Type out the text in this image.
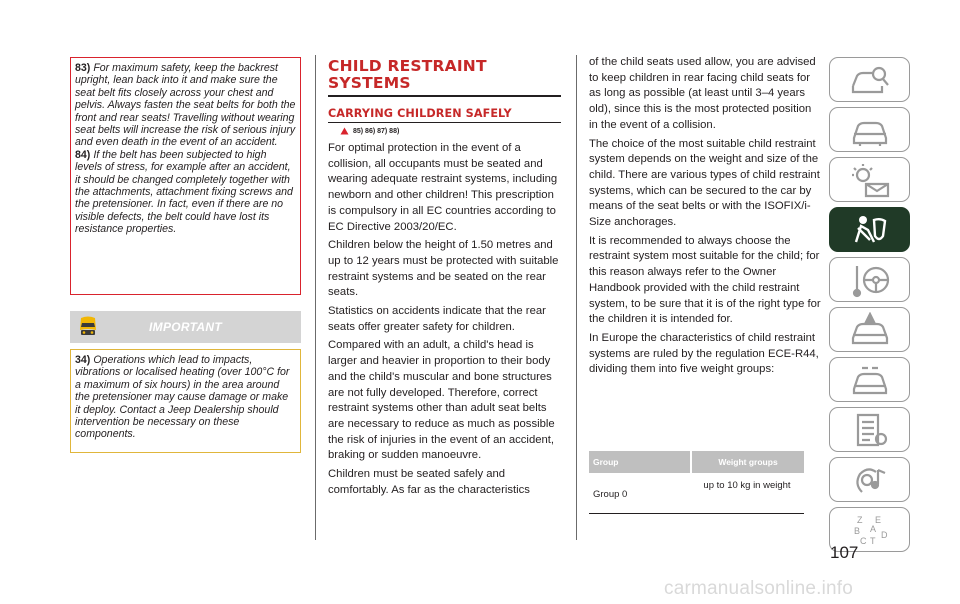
83) For maximum safety, keep the backrest upright, lean back into it and make sure the seat belt fits closely across your chest and pelvis. Always fasten the seat belts for both the front and rear seats! Travelling without wearing seat belts will increase the risk of serious injury and even death in the event of an accident.

84) If the belt has been subjected to high levels of stress, for example after an accident, it should be changed completely together with the attachments, attachment fixing screws and the pretensioner. In fact, even if there are no visible defects, the belt could have lost its resistance properties.

IMPORTANT

34) Operations which lead to impacts, vibrations or localised heating (over 100°C for a maximum of six hours) in the area around the pretensioner may cause damage or make it deploy. Contact a Jeep Dealership should intervention be necessary on these components.

CHILD RESTRAINT SYSTEMS
CARRYING CHILDREN SAFELY
85) 86) 87) 88)

For optimal protection in the event of a collision, all occupants must be seated and wearing adequate restraint systems, including newborn and other children! This prescription is compulsory in all EC countries according to EC Directive 2003/20/EC.

Children below the height of 1.50 metres and up to 12 years must be protected with suitable restraint systems and be seated on the rear seats.

Statistics on accidents indicate that the rear seats offer greater safety for children.

Compared with an adult, a child's head is larger and heavier in proportion to their body and the child's muscular and bone structures are not fully developed. Therefore, correct restraint systems other than adult seat belts are necessary to reduce as much as possible the risk of injuries in the event of an accident, braking or sudden manoeuvre.

Children must be seated safely and comfortably. As far as the characteristics

of the child seats used allow, you are advised to keep children in rear facing child seats for as long as possible (at least until 3–4 years old), since this is the most protected position in the event of a collision.

The choice of the most suitable child restraint system depends on the weight and size of the child. There are various types of child restraint systems, which can be secured to the car by means of the seat belts or with the ISOFIX/i-Size anchorages.

It is recommended to always choose the restraint system most suitable for the child; for this reason always refer to the Owner Handbook provided with the child restraint system, to be sure that it is of the right type for the children it is intended for.

In Europe the characteristics of child restraint systems are ruled by the regulation ECE-R44, dividing them into five weight groups:

Group	Weight groups
Group 0
up to 10 kg in weight
Z E
B A
C T
D
107
carmanualsonline.info
